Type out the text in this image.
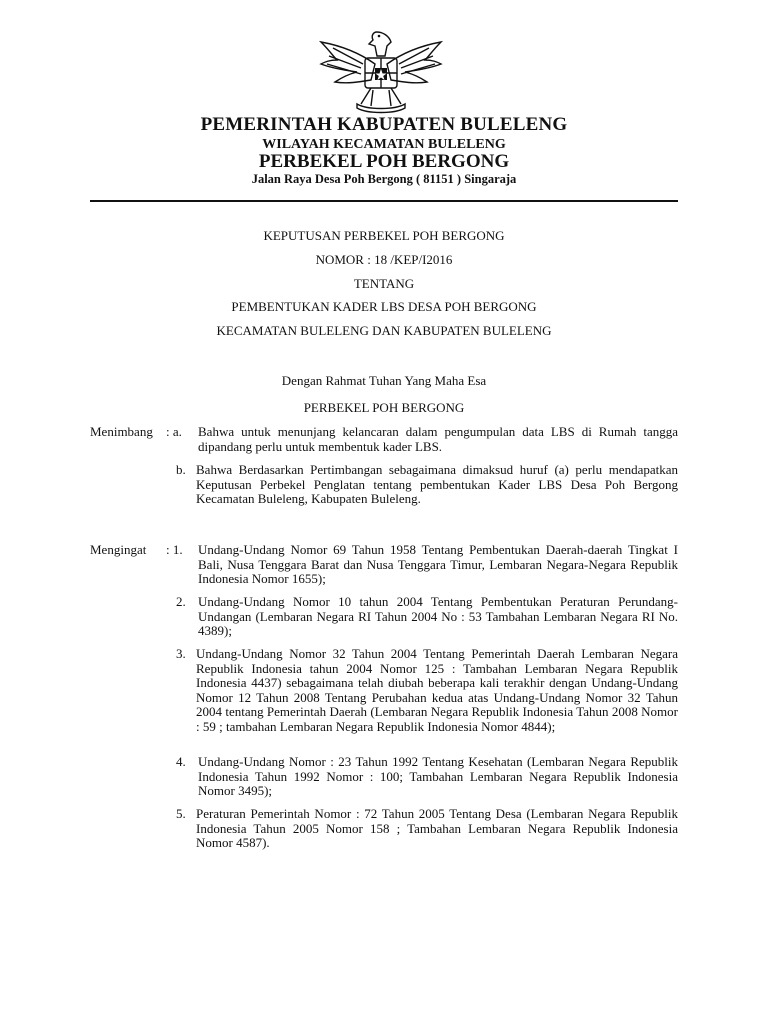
PEMERINTAH KABUPATEN BULELENG
WILAYAH KECAMATAN BULELENG
PERBEKEL POH BERGONG
Jalan Raya Desa Poh Bergong ( 81151 ) Singaraja
KEPUTUSAN PERBEKEL POH BERGONG
NOMOR : 18 /KEP/I2016
TENTANG
PEMBENTUKAN KADER LBS DESA POH BERGONG
KECAMATAN BULELENG DAN KABUPATEN BULELENG
Dengan Rahmat Tuhan Yang Maha Esa
PERBEKEL POH BERGONG
Menimbang : a. Bahwa untuk menunjang kelancaran dalam pengumpulan data LBS di Rumah tangga dipandang perlu untuk membentuk kader LBS.
b. Bahwa Berdasarkan Pertimbangan sebagaimana dimaksud huruf (a) perlu mendapatkan Keputusan Perbekel Penglatan tentang pembentukan Kader LBS Desa Poh Bergong Kecamatan Buleleng, Kabupaten Buleleng.
Mengingat : 1. Undang-Undang Nomor 69 Tahun 1958 Tentang Pembentukan Daerah-daerah Tingkat I Bali, Nusa Tenggara Barat dan Nusa Tenggara Timur, Lembaran Negara-Negara Republik Indonesia Nomor 1655);
2. Undang-Undang Nomor 10 tahun 2004 Tentang Pembentukan Peraturan Perundang-Undangan (Lembaran Negara RI Tahun 2004 No : 53 Tambahan Lembaran Negara RI No. 4389);
3. Undang-Undang Nomor 32 Tahun 2004 Tentang Pemerintah Daerah Lembaran Negara Republik Indonesia tahun 2004 Nomor 125 : Tambahan Lembaran Negara Republik Indonesia 4437) sebagaimana telah diubah beberapa kali terakhir dengan Undang-Undang Nomor 12 Tahun 2008 Tentang Perubahan kedua atas Undang-Undang Nomor 32 Tahun 2004 tentang Pemerintah Daerah (Lembaran Negara Republik Indonesia Tahun 2008 Nomor : 59 ; tambahan Lembaran Negara Republik Indonesia Nomor 4844);
4. Undang-Undang Nomor : 23 Tahun 1992 Tentang Kesehatan (Lembaran Negara Republik Indonesia Tahun 1992 Nomor : 100; Tambahan Lembaran Negara Republik Indonesia Nomor 3495);
5. Peraturan Pemerintah Nomor : 72 Tahun 2005 Tentang Desa (Lembaran Negara Republik Indonesia Tahun 2005 Nomor 158 ; Tambahan Lembaran Negara Republik Indonesia Nomor 4587).
